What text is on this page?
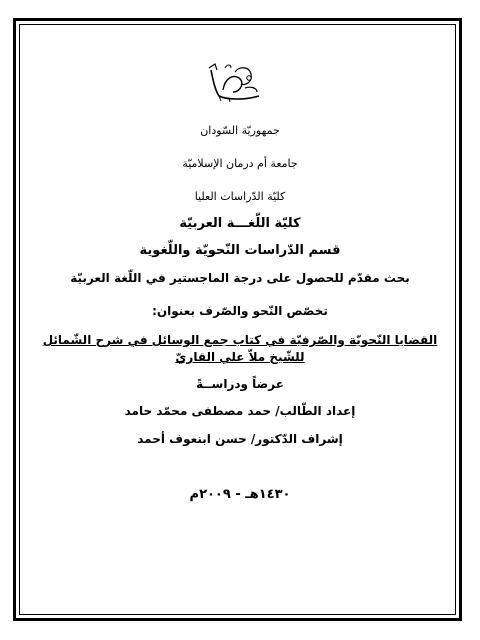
جمهوريّة السّودان
جامعة أم درمان الإسلاميّة
كليّة الدّراسات العليا
كليّة اللّغـــة العربيّة
قسم الدّراسات النّحويّة واللّغوية
بحث مقدّم للحصول على درجة الماجستير في اللّغة العربيّة
تخصّص النّحو والصّرف بعنوان:
القضايا النّحويّة والصّرفيّة في كتاب جمع الوسائل في شرح الشّمائل
للشّيخ ملاّ علي القاريّ
عرضاً ودراســةً
إعداد الطّالب/ حمد مصطفى محمّد حامد
إشراف الدّكتور/ حسن ابنعوف أحمد
١٤٣٠هـ - ٢٠٠٩م
